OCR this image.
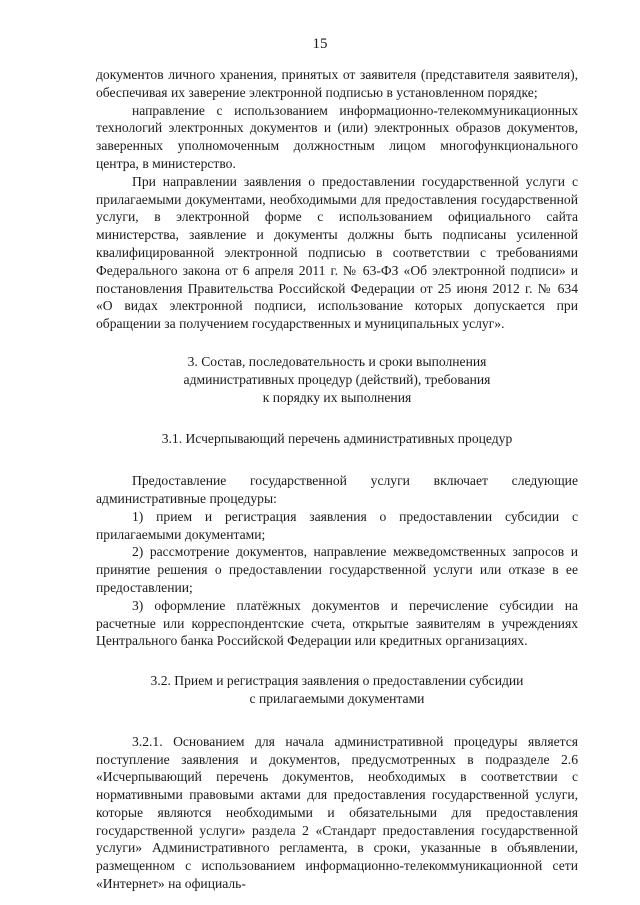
15

документов личного хранения, принятых от заявителя (представителя заявителя), обеспечивая их заверение электронной подписью в установленном порядке;

направление с использованием информационно-телекоммуникационных технологий электронных документов и (или) электронных образов документов, заверенных уполномоченным должностным лицом многофункционального центра, в министерство.

При направлении заявления о предоставлении государственной услуги с прилагаемыми документами, необходимыми для предоставления государственной услуги, в электронной форме с использованием официального сайта министерства, заявление и документы должны быть подписаны усиленной квалифицированной электронной подписью в соответствии с требованиями Федерального закона от 6 апреля 2011 г. № 63-ФЗ «Об электронной подписи» и постановления Правительства Российской Федерации от 25 июня 2012 г. № 634 «О видах электронной подписи, использование которых допускается при обращении за получением государственных и муниципальных услуг».

3. Состав, последовательность и сроки выполнения
административных процедур (действий), требования
к порядку их выполнения

3.1. Исчерпывающий перечень административных процедур

Предоставление государственной услуги включает следующие административные процедуры:

1) прием и регистрация заявления о предоставлении субсидии с прилагаемыми документами;

2) рассмотрение документов, направление межведомственных запросов и принятие решения о предоставлении государственной услуги или отказе в ее предоставлении;

3) оформление платёжных документов и перечисление субсидии на расчетные или корреспондентские счета, открытые заявителям в учреждениях Центрального банка Российской Федерации или кредитных организациях.

3.2. Прием и регистрация заявления о предоставлении субсидии
с прилагаемыми документами

3.2.1. Основанием для начала административной процедуры является поступление заявления и документов, предусмотренных в подразделе 2.6 «Исчерпывающий перечень документов, необходимых в соответствии с нормативными правовыми актами для предоставления государственной услуги, которые являются необходимыми и обязательными для предоставления государственной услуги» раздела 2 «Стандарт предоставления государственной услуги» Административного регламента, в сроки, указанные в объявлении, размещенном с использованием информационно-телекоммуникационной сети «Интернет» на официаль-
